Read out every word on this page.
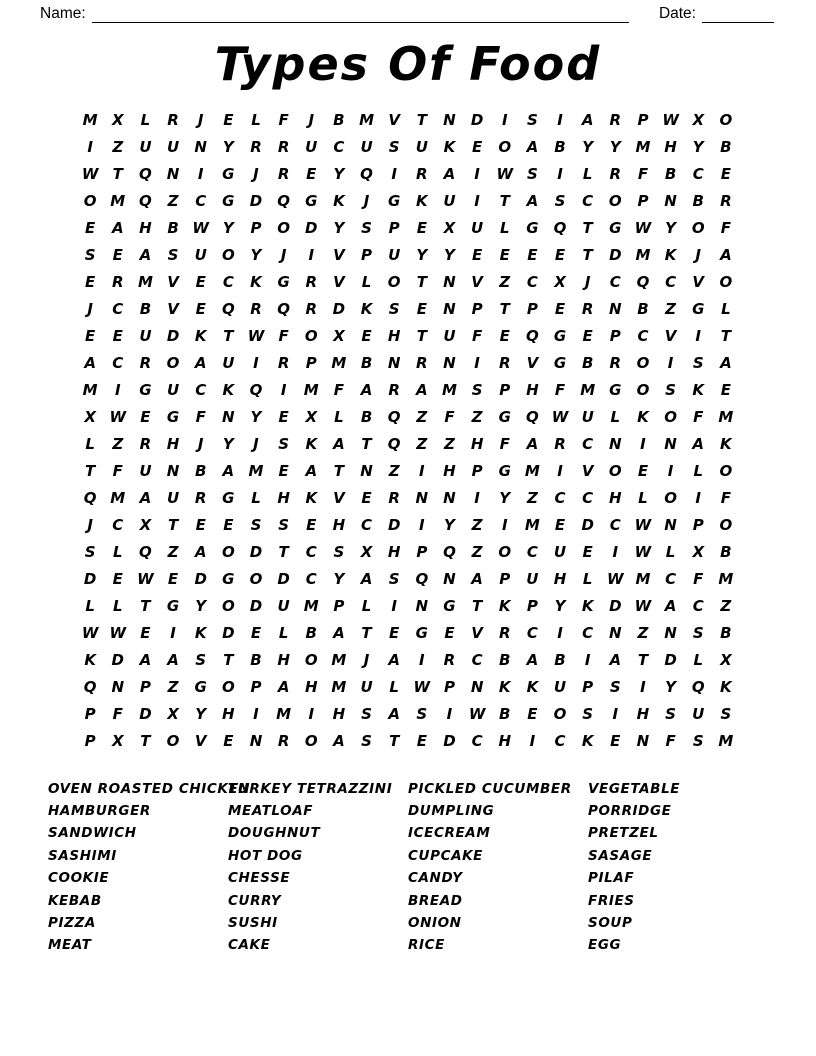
Name:	Date:
Types Of Food
M X	L	R	J	E	L	F	J	B M V	T	N	D	I	S	I	A	R	P W X	O
I	Z	U	U	N	Y	R	R	U	C	U	S	U	K	E	O	A	B	Y	Y M H	Y	B
W T	Q N	I	G	J	R	E	Y	Q	I	R	A	I	W S	I	L	R	F	B	C	E
O M Q	Z	C	G	D	Q	G	K	J	G	K	U	I	T	A	S	C	O	P	N	B	R
E	A	H	B W Y	P	O	D	Y	S	P	E	X	U	L	G	Q	T	G W Y	O	F
S	E	A	S	U	O	Y	J	I	V	P	U	Y	Y	E	E	E	E	T	D M K	J	A
E	R M V	E	C	K	G	R	V	L	O	T	N	V	Z	C	X	J	C	Q	C	V	O
J	C	B	V	E	Q	R	Q	R	D	K	S	E	N	P	T	P	E	R	N	B	Z	G	L
E	E	U	D	K	T W F	O	X	E	H	T	U	F	E	Q	G	E	P	C	V	I	T
A	C	R	O	A	U	I	R	P M B	N	R	N	I	R	V	G	B	R	O	I	S	A
M	I	G	U	C	K	Q	I	M	F	A	R	A M S	P	H	F	M G	O	S	K	E
X W E	G	F	N	Y	E	X	L	B	Q	Z	F	Z	G	Q W U	L	K	O	F	M
L	Z	R	H	J	Y	J	S	K	A	T	Q	Z	Z	H	F	A	R	C	N	I	N	A	K
T	F	U	N	B	A M	E	A	T	N	Z	I	H	P	G M	I	V	O	E	I	L	O
Q M A	U	R	G	L	H	K	V	E	R	N	N	I	Y	Z	C	C	H	L	O	I	F
J	C	X	T	E	E	S	S	E	H	C	D	I	Y	Z	I	M	E	D	C W N	P	O
S	L	Q	Z	A	O	D	T	C	S	X	H	P	Q	Z	O	C	U	E	I	W L	X	B
D	E W E	D	G	O	D	C	Y	A	S	Q N	A	P	U	H	L W M C	F	M
L	L	T	G	Y	O	D	U M P	L	I	N	G	T	K	P	Y	K	D W A	C	Z
W W E	I	K	D	E	L	B	A	T	E	G	E	V	R	C	I	C	N	Z	N	S	B
K	D	A	A	S	T	B	H O M	J	A	I	R	C	B	A	B	I	A	T	D	L	X
Q N	P	Z	G	O	P	A	H M U	L W P	N	K	K	U	P	S	I	Y	Q	K
P	F	D	X	Y	H	I	M	I	H	S	A	S	I	W B	E	O	S	I	H	S	U	S
P	X	T	O	V	E	N	R	O	A	S	T	E	D	C	H	I	C	K	E	N	F	S M
OVEN ROASTED CHICKEN
HAMBURGER
SANDWICH
SASHIMI
COOKIE
KEBAB
PIZZA
MEAT
TURKEY TETRAZZINI
MEATLOAF
DOUGHNUT
HOT DOG
CHESSE
CURRY
SUSHI
CAKE
PICKLED CUCUMBER
DUMPLING
ICECREAM
CUPCAKE
CANDY
BREAD
ONION
RICE
VEGETABLE
PORRIDGE
PRETZEL
SASAGE
PILAF
FRIES
SOUP
EGG
